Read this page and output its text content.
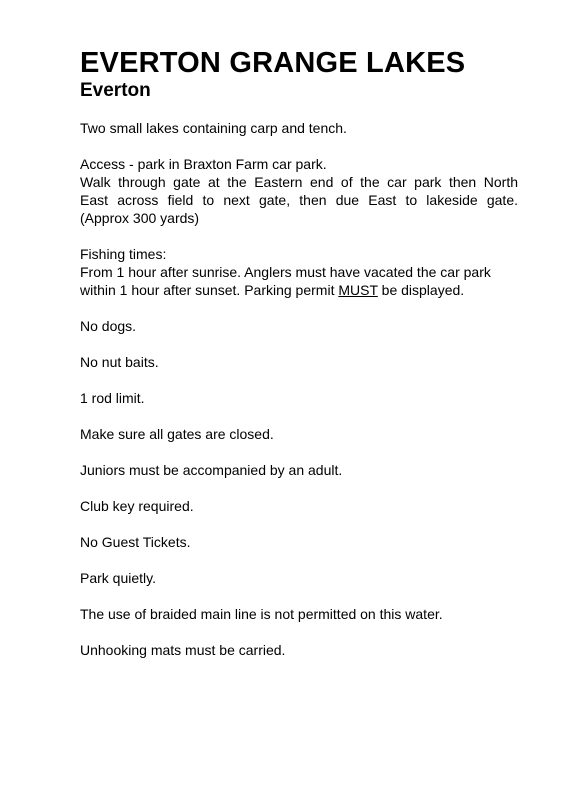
EVERTON GRANGE LAKES
Everton

Two small lakes containing carp and tench.

Access - park in Braxton Farm car park.
Walk through gate at the Eastern end of the car park then North
East across field to next gate, then due East to lakeside gate.
(Approx 300 yards)

Fishing times:
From 1 hour after sunrise. Anglers must have vacated the car park
within 1 hour after sunset. Parking permit MUST be displayed.

No dogs.

No nut baits.

1 rod limit.

Make sure all gates are closed.

Juniors must be accompanied by an adult.

Club key required.

No Guest Tickets.

Park quietly.

The use of braided main line is not permitted on this water.

Unhooking mats must be carried.
